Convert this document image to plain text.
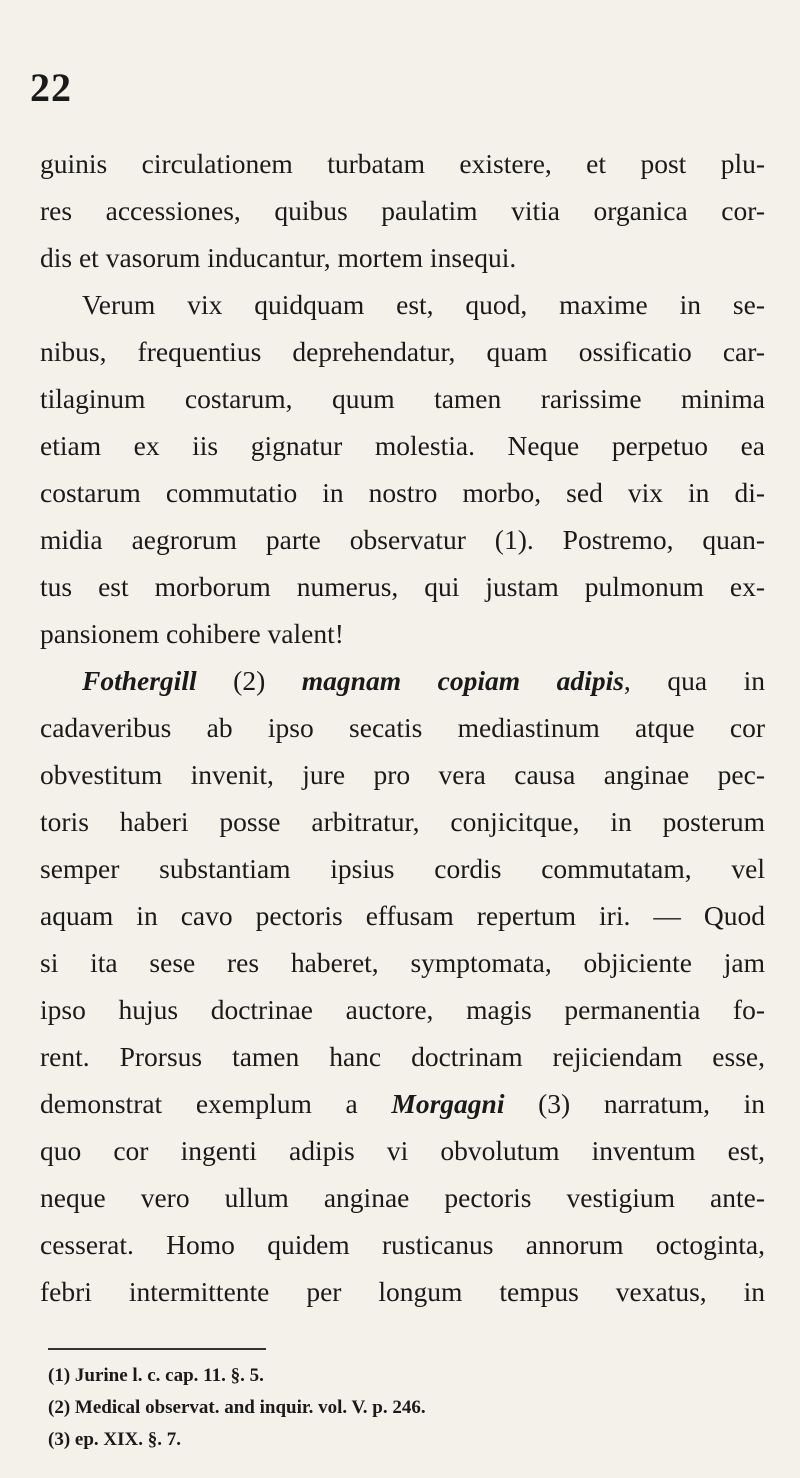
22
guinis circulationem turbatam existere, et post plu-
res accessiones, quibus paulatim vitia organica cor-
dis et vasorum inducantur, mortem insequi.
Verum vix quidquam est, quod, maxime in se-
nibus, frequentius deprehendatur, quam ossificatio car-
tilaginum costarum, quum tamen rarissime minima
etiam ex iis gignatur molestia. Neque perpetuo ea
costarum commutatio in nostro morbo, sed vix in di-
midia aegrorum parte observatur (1). Postremo, quan-
tus est morborum numerus, qui justam pulmonum ex-
pansionem cohibere valent!
Fothergill (2) magnam copiam adipis, qua in
cadaveribus ab ipso secatis mediastinum atque cor
obvestitum invenit, jure pro vera causa anginae pec-
toris haberi posse arbitratur, conjicitque, in posterum
semper substantiam ipsius cordis commutatam, vel
aquam in cavo pectoris effusam repertum iri. — Quod
si ita sese res haberet, symptomata, objiciente jam
ipso hujus doctrinae auctore, magis permanentia fo-
rent. Prorsus tamen hanc doctrinam rejiciendam esse,
demonstrat exemplum a Morgagni (3) narratum, in
quo cor ingenti adipis vi obvolutum inventum est,
neque vero ullum anginae pectoris vestigium ante-
cesserat. Homo quidem rusticanus annorum octoginta,
febri intermittente per longum tempus vexatus, in
(1) Jurine l. c. cap. 11. §. 5.
(2) Medical observat. and inquir. vol. V. p. 246.
(3) ep. XIX. §. 7.
